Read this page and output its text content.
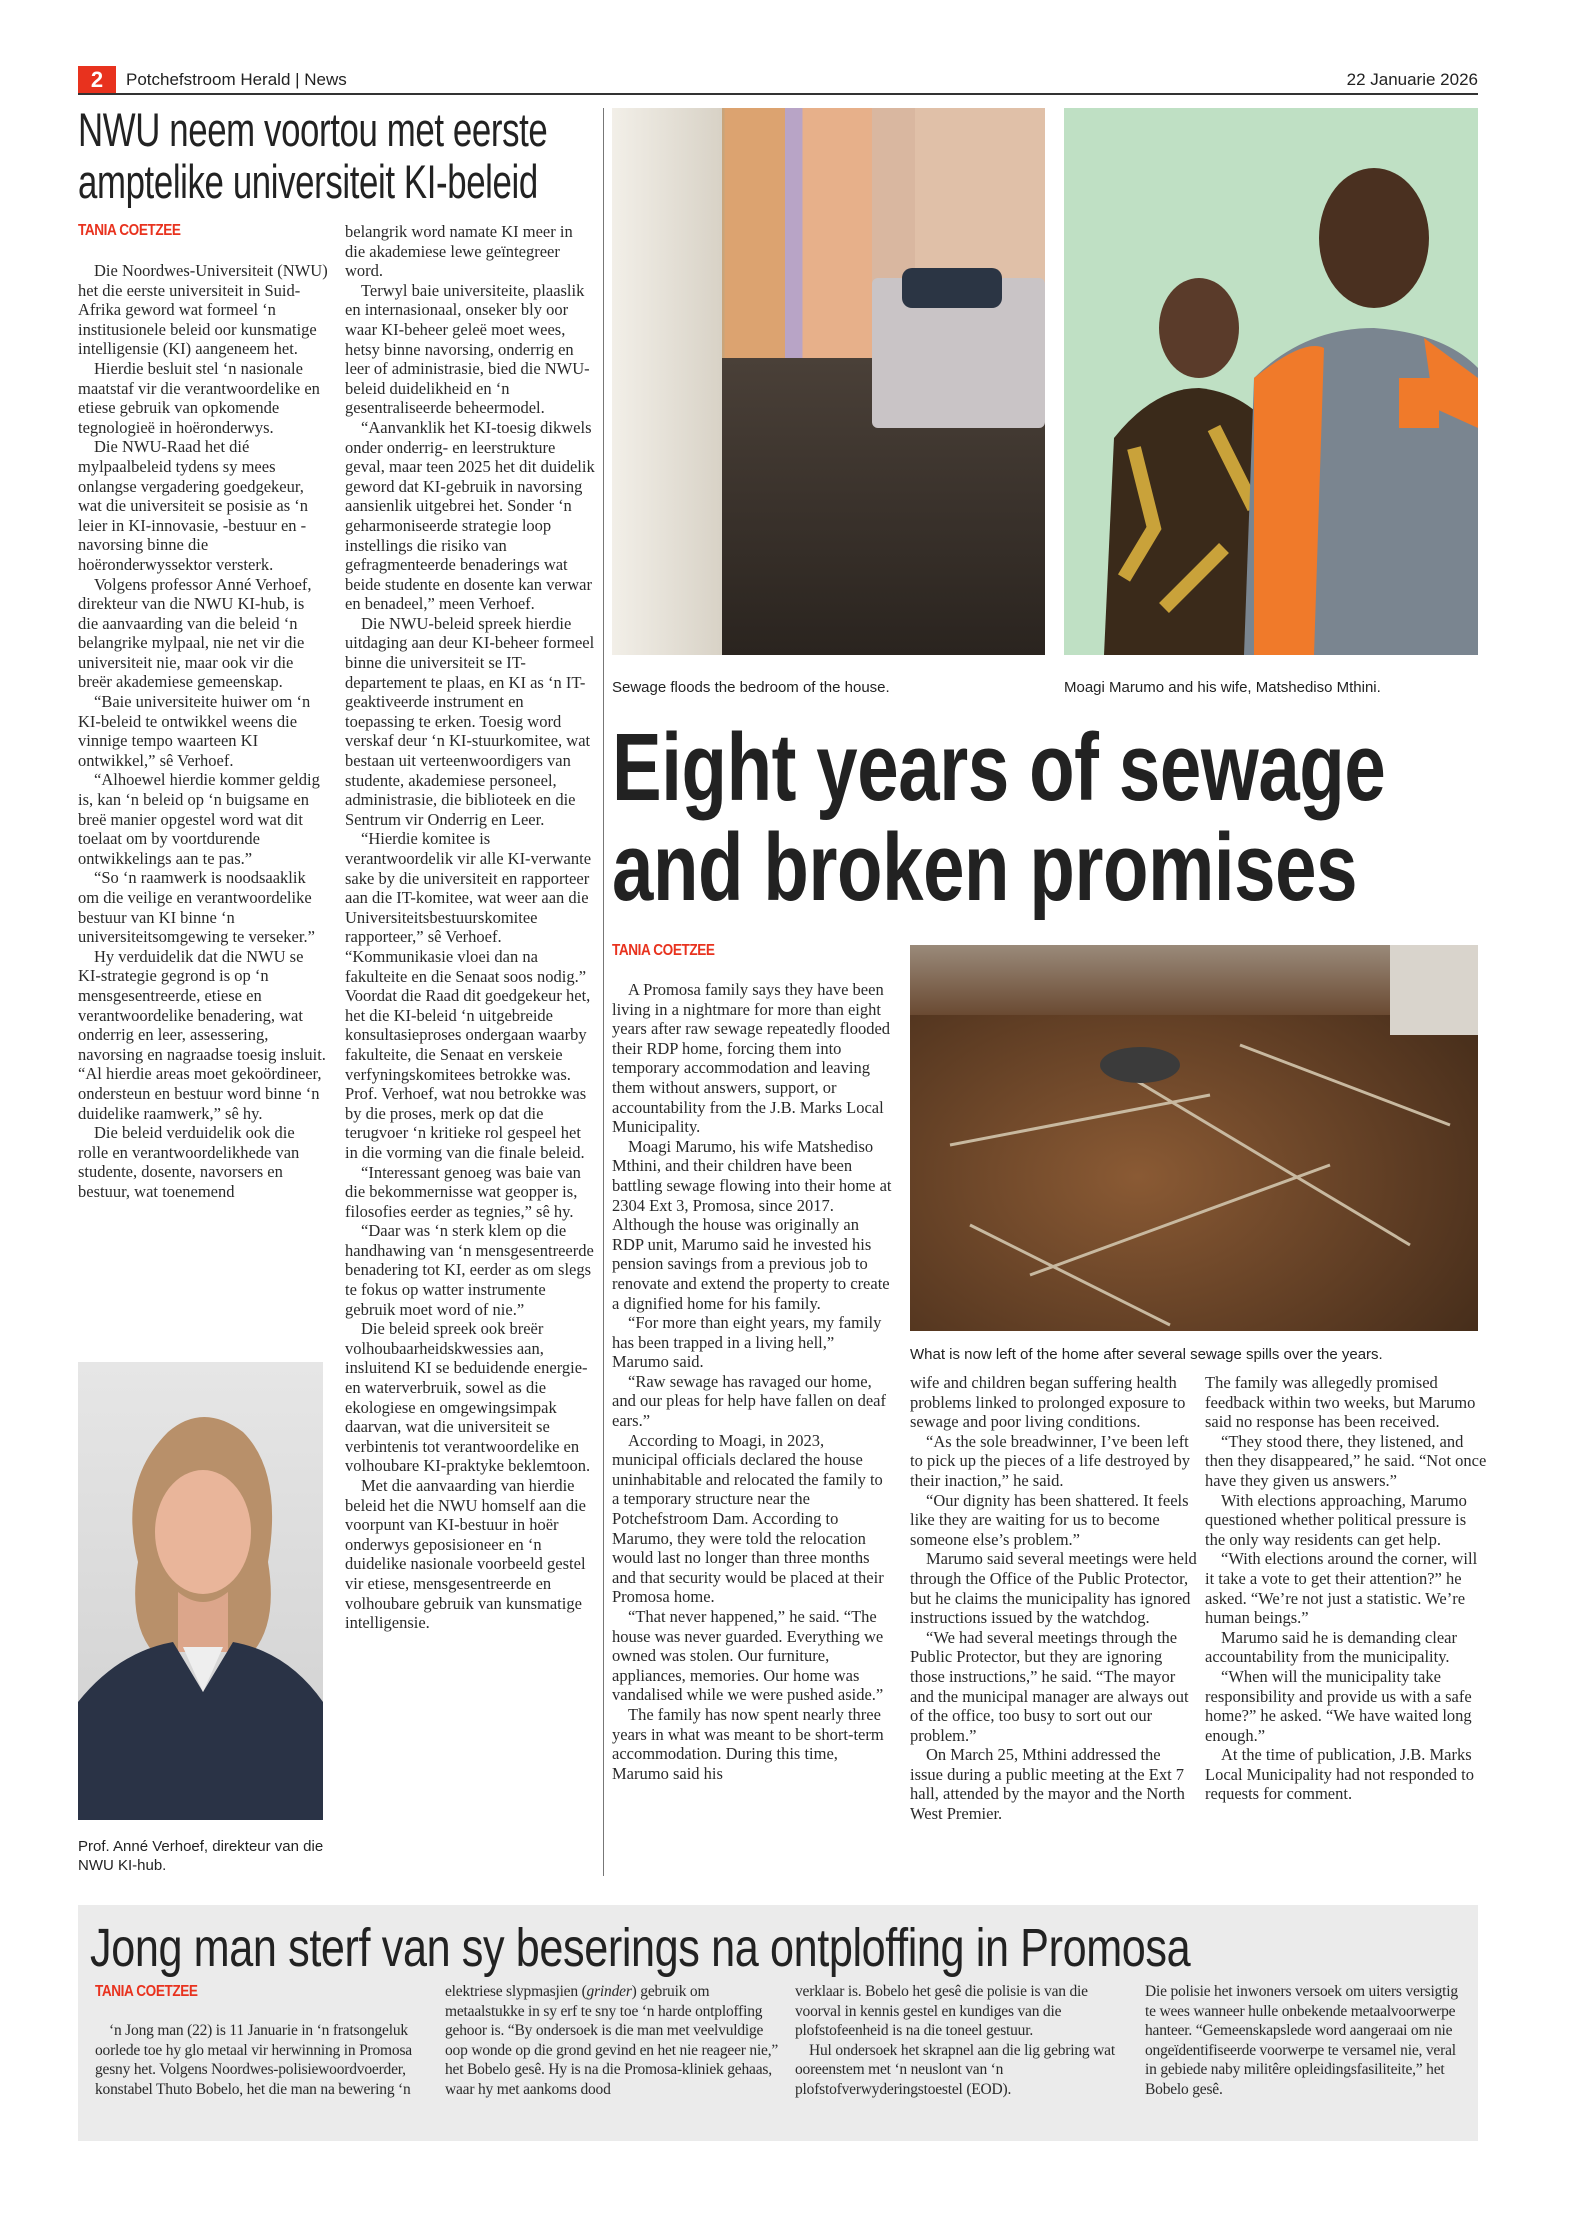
2	Potchefstroom Herald | News	22 Januarie 2026
NWU neem voortou met eerste
amptelike universiteit KI-beleid
TANIA COETZEE

Die Noordwes-Universiteit (NWU) het die eerste universiteit in Suid-Afrika geword wat formeel ‘n institusionele beleid oor kunsmatige intelligensie (KI) aangeneem het.

Hierdie besluit stel ‘n nasionale maatstaf vir die verantwoordelike en etiese gebruik van opkomende tegnologieë in hoëronderwys.

Die NWU-Raad het dié mylpaalbeleid tydens sy mees onlangse vergadering goedgekeur, wat die universiteit se posisie as ‘n leier in KI-innovasie, -bestuur en -navorsing binne die hoëronderwyssektor versterk.

Volgens professor Anné Verhoef, direkteur van die NWU KI-hub, is die aanvaarding van die beleid ‘n belangrike mylpaal, nie net vir die universiteit nie, maar ook vir die breër akademiese gemeenskap.

“Baie universiteite huiwer om ‘n KI-beleid te ontwikkel weens die vinnige tempo waarteen KI ontwikkel,” sê Verhoef.

“Alhoewel hierdie kommer geldig is, kan ‘n beleid op ‘n buigsame en breë manier opgestel word wat dit toelaat om by voortdurende ontwikkelings aan te pas.”

“So ‘n raamwerk is noodsaaklik om die veilige en verantwoordelike bestuur van KI binne ‘n universiteitsomgewing te verseker.”

Hy verduidelik dat die NWU se KI-strategie gegrond is op ‘n mensgesentreerde, etiese en verantwoordelike benadering, wat onderrig en leer, assessering, navorsing en nagraadse toesig insluit. “Al hierdie areas moet gekoördineer, ondersteun en bestuur word binne ‘n duidelike raamwerk,” sê hy.

Die beleid verduidelik ook die rolle en verantwoordelikhede van studente, dosente, navorsers en bestuur, wat toenemend

belangrik word namate KI meer in die akademiese lewe geïntegreer word.

Terwyl baie universiteite, plaaslik en internasionaal, onseker bly oor waar KI-beheer geleë moet wees, hetsy binne navorsing, onderrig en leer of administrasie, bied die NWU-beleid duidelikheid en ‘n gesentraliseerde beheermodel.

“Aanvanklik het KI-toesig dikwels onder onderrig- en leerstrukture geval, maar teen 2025 het dit duidelik geword dat KI-gebruik in navorsing aansienlik uitgebrei het. Sonder ‘n geharmoniseerde strategie loop instellings die risiko van gefragmenteerde benaderings wat beide studente en dosente kan verwar en benadeel,” meen Verhoef.

Die NWU-beleid spreek hierdie uitdaging aan deur KI-beheer formeel binne die universiteit se IT-departement te plaas, en KI as ‘n IT-geaktiveerde instrument en toepassing te erken. Toesig word verskaf deur ‘n KI-stuurkomitee, wat bestaan uit verteenwoordigers van studente, akademiese personeel, administrasie, die biblioteek en die Sentrum vir Onderrig en Leer.

“Hierdie komitee is verantwoordelik vir alle KI-verwante sake by die universiteit en rapporteer aan die IT-komitee, wat weer aan die Universiteitsbestuurskomitee rapporteer,” sê Verhoef. “Kommunikasie vloei dan na fakulteite en die Senaat soos nodig.” Voordat die Raad dit goedgekeur het, het die KI-beleid ‘n uitgebreide konsultasieproses ondergaan waarby fakulteite, die Senaat en verskeie verfyningskomitees betrokke was. Prof. Verhoef, wat nou betrokke was by die proses, merk op dat die terugvoer ‘n kritieke rol gespeel het in die vorming van die finale beleid.

“Interessant genoeg was baie van die bekommernisse wat geopper is, filosofies eerder as tegnies,” sê hy.

“Daar was ‘n sterk klem op die handhawing van ‘n mensgesentreerde benadering tot KI, eerder as om slegs te fokus op watter instrumente gebruik moet word of nie.”

Die beleid spreek ook breër volhoubaarheidskwessies aan, insluitend KI se beduidende energie- en waterverbruik, sowel as die ekologiese en omgewingsimpak daarvan, wat die universiteit se verbintenis tot verantwoordelike en volhoubare KI-praktyke beklemtoon.

Met die aanvaarding van hierdie beleid het die NWU homself aan die voorpunt van KI-bestuur in hoër onderwys geposisioneer en ‘n duidelike nasionale voorbeeld gestel vir etiese, mensgesentreerde en volhoubare gebruik van kunsmatige intelligensie.

Prof. Anné Verhoef, direkteur van die NWU KI-hub.
Sewage floods the bedroom of the house.	Moagi Marumo and his wife, Matshediso Mthini.
Eight years of sewage
and broken promises
TANIA COETZEE

A Promosa family says they have been living in a nightmare for more than eight years after raw sewage repeatedly flooded their RDP home, forcing them into temporary accommodation and leaving them without answers, support, or accountability from the J.B. Marks Local Municipality.

Moagi Marumo, his wife Matshediso Mthini, and their children have been battling sewage flowing into their home at 2304 Ext 3, Promosa, since 2017. Although the house was originally an RDP unit, Marumo said he invested his pension savings from a previous job to renovate and extend the property to create a dignified home for his family.

“For more than eight years, my family has been trapped in a living hell,” Marumo said.

“Raw sewage has ravaged our home, and our pleas for help have fallen on deaf ears.”

According to Moagi, in 2023, municipal officials declared the house uninhabitable and relocated the family to a temporary structure near the Potchefstroom Dam. According to Marumo, they were told the relocation would last no longer than three months and that security would be placed at their Promosa home.

“That never happened,” he said. “The house was never guarded. Everything we owned was stolen. Our furniture, appliances, memories. Our home was vandalised while we were pushed aside.”

The family has now spent nearly three years in what was meant to be short-term accommodation. During this time, Marumo said his

What is now left of the home after several sewage spills over the years.

wife and children began suffering health problems linked to prolonged exposure to sewage and poor living conditions.

“As the sole breadwinner, I’ve been left to pick up the pieces of a life destroyed by their inaction,” he said.

“Our dignity has been shattered. It feels like they are waiting for us to become someone else’s problem.”

Marumo said several meetings were held through the Office of the Public Protector, but he claims the municipality has ignored instructions issued by the watchdog.

“We had several meetings through the Public Protector, but they are ignoring those instructions,” he said. “The mayor and the municipal manager are always out of the office, too busy to sort out our problem.”

On March 25, Mthini addressed the issue during a public meeting at the Ext 7 hall, attended by the mayor and the North West Premier.

The family was allegedly promised feedback within two weeks, but Marumo said no response has been received.

“They stood there, they listened, and then they disappeared,” he said. “Not once have they given us answers.”

With elections approaching, Marumo questioned whether political pressure is the only way residents can get help.

“With elections around the corner, will it take a vote to get their attention?” he asked. “We’re not just a statistic. We’re human beings.”

Marumo said he is demanding clear accountability from the municipality.

“When will the municipality take responsibility and provide us with a safe home?” he asked. “We have waited long enough.”

At the time of publication, J.B. Marks Local Municipality had not responded to requests for comment.

Jong man sterf van sy beserings na ontploffing in Promosa
TANIA COETZEE

‘n Jong man (22) is 11 Januarie in ‘n fratsongeluk oorlede toe hy glo metaal vir herwinning in Promosa gesny het. Volgens Noordwes-polisiewoordvoerder, konstabel Thuto Bobelo, het die man na bewering ‘n

elektriese slypmasjien (grinder) gebruik om metaalstukke in sy erf te sny toe ‘n harde ontploffing gehoor is. “By ondersoek is die man met veelvuldige oop wonde op die grond gevind en het nie reageer nie,” het Bobelo gesê. Hy is na die Promosa-kliniek gehaas, waar hy met aankoms dood

verklaar is. Bobelo het gesê die polisie is van die voorval in kennis gestel en kundiges van die plofstofeenheid is na die toneel gestuur.

Hul ondersoek het skrapnel aan die lig gebring wat ooreenstem met ‘n neuslont van ‘n plofstofverwyderingstoestel (EOD).

Die polisie het inwoners versoek om uiters versigtig te wees wanneer hulle onbekende metaalvoorwerpe hanteer. “Gemeenskapslede word aangeraai om nie ongeïdentifiseerde voorwerpe te versamel nie, veral in gebiede naby militêre opleidingsfasiliteite,” het Bobelo gesê.
